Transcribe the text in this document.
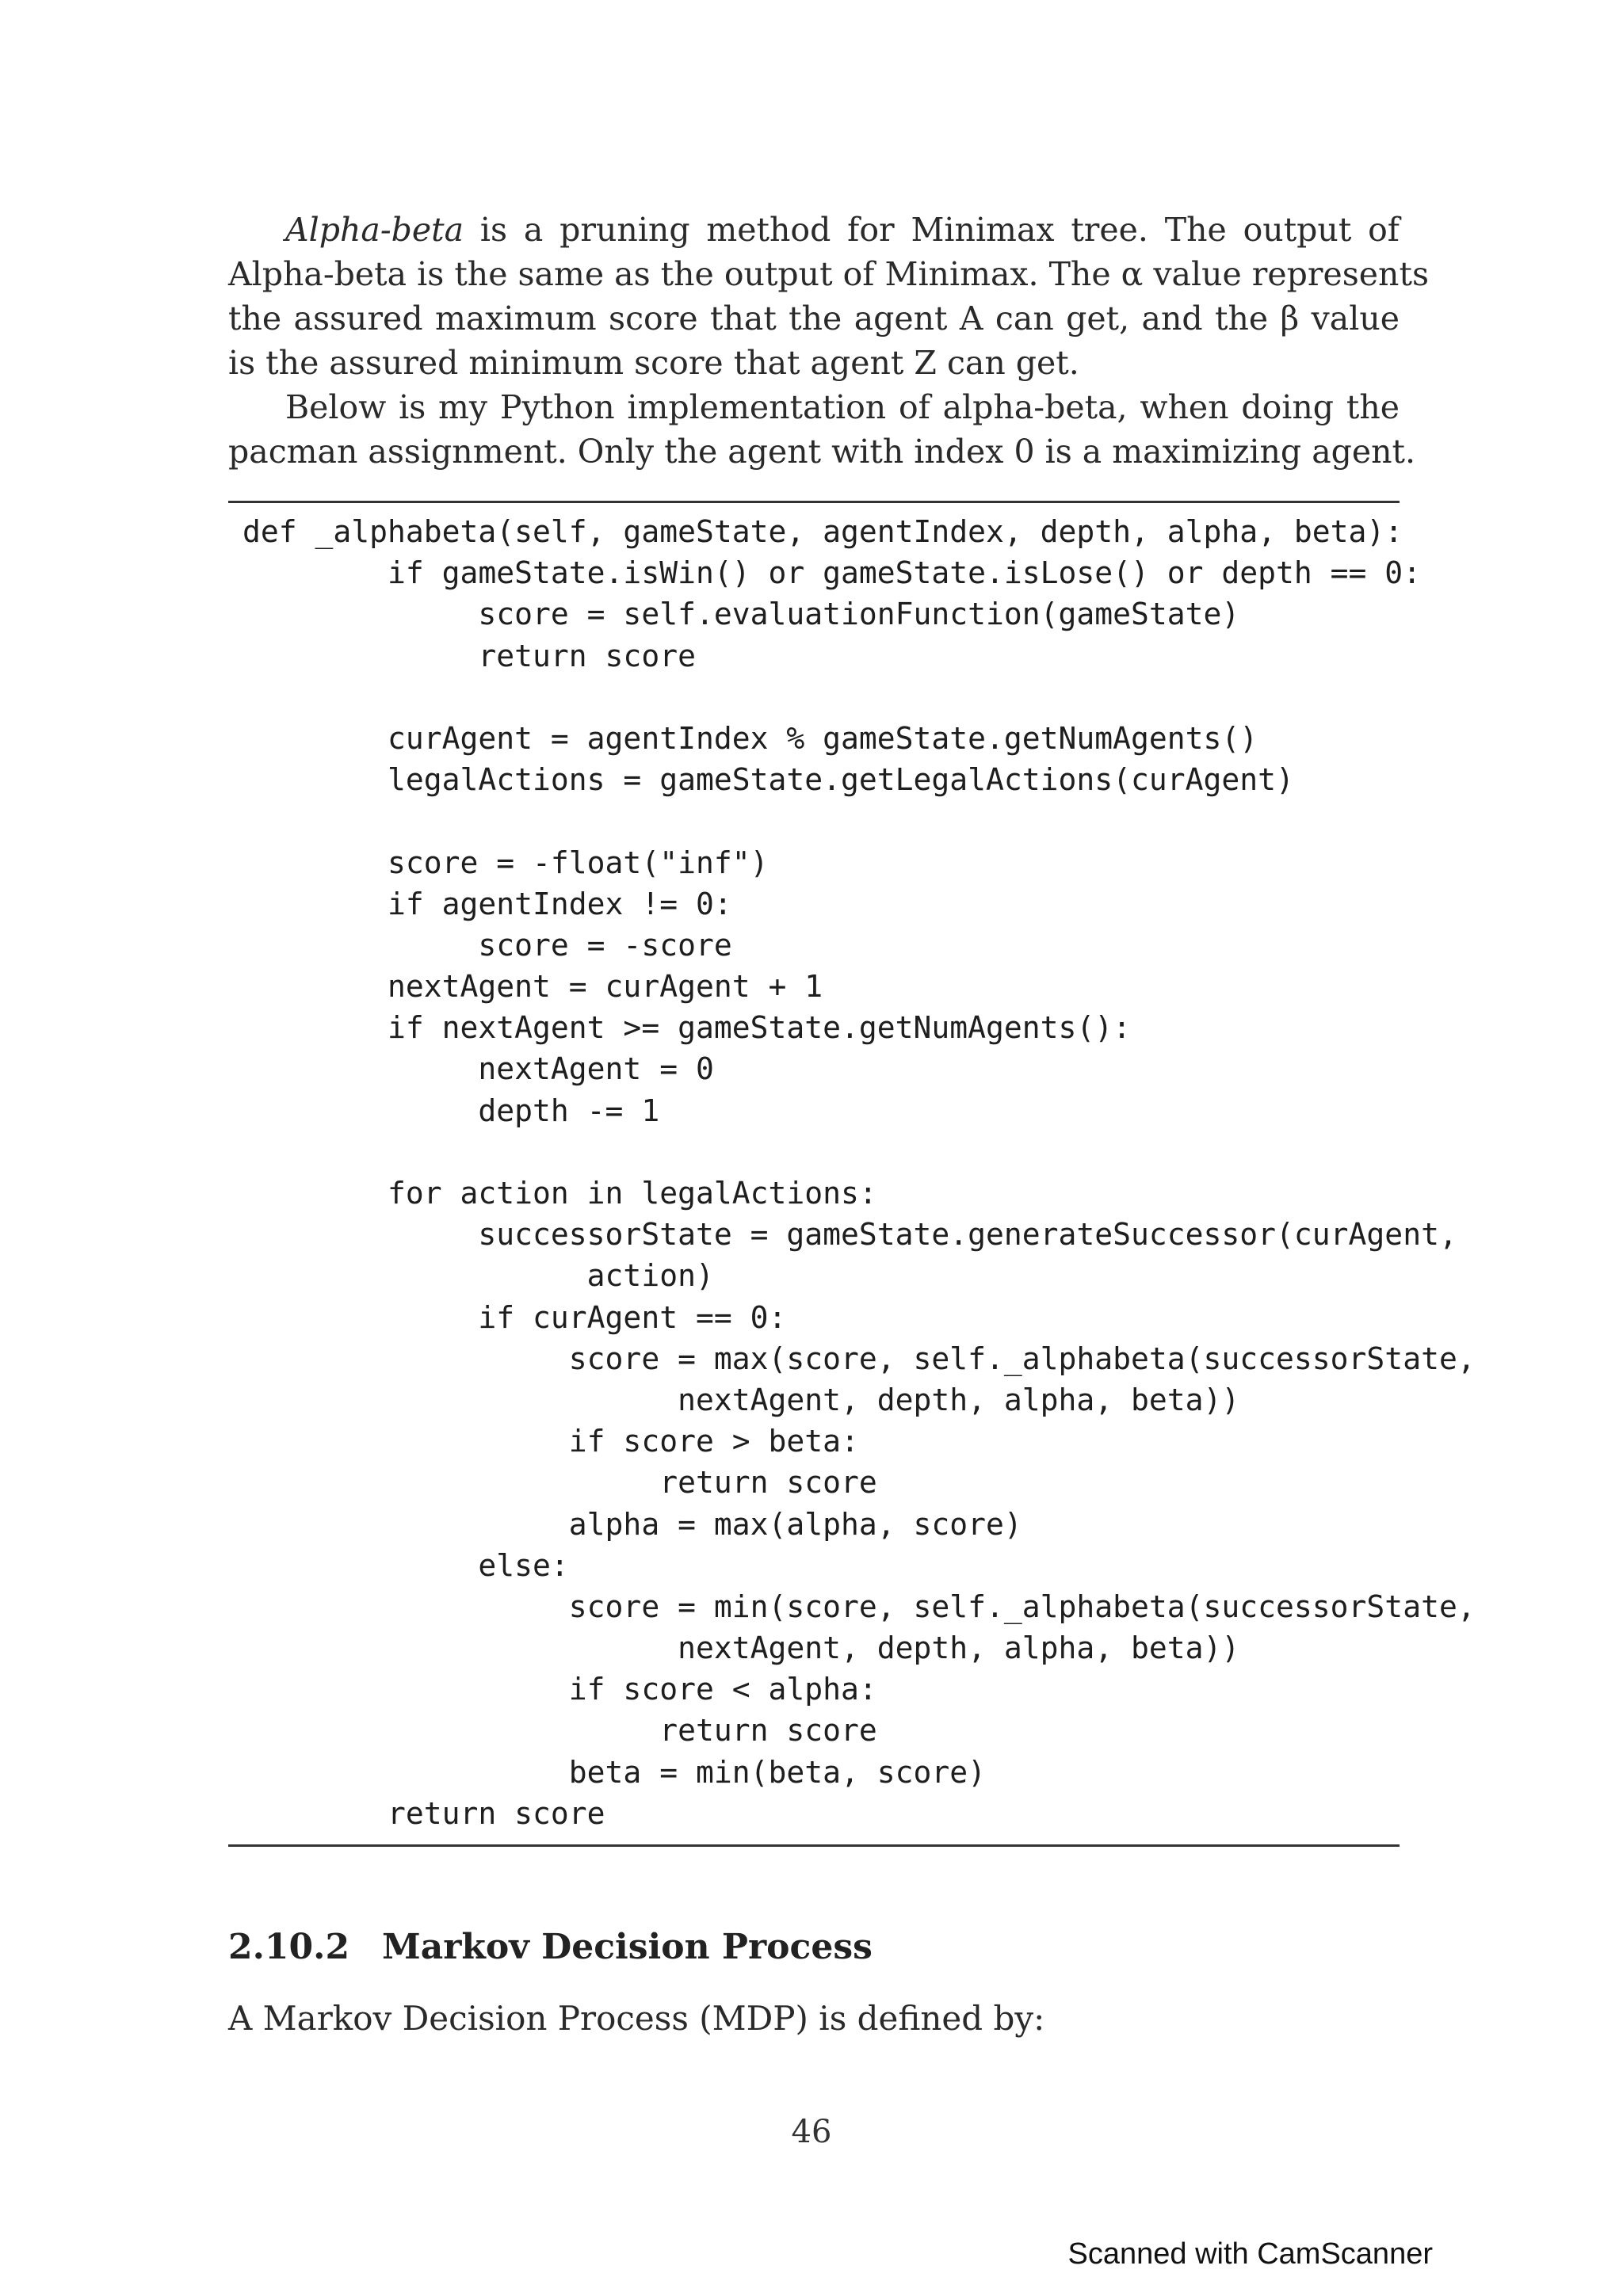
Alpha-beta is a pruning method for Minimax tree. The output of
Alpha-beta is the same as the output of Minimax. The α value represents
the assured maximum score that the agent A can get, and the β value
is the assured minimum score that agent Z can get.
Below is my Python implementation of alpha-beta, when doing the
pacman assignment. Only the agent with index 0 is a maximizing agent.
def _alphabeta(self, gameState, agentIndex, depth, alpha, beta):
if gameState.isWin() or gameState.isLose() or depth == 0:
score = self.evaluationFunction(gameState)
return score
curAgent = agentIndex % gameState.getNumAgents()
legalActions = gameState.getLegalActions(curAgent)
score = -float("inf")
if agentIndex != 0:
score = -score
nextAgent = curAgent + 1
if nextAgent >= gameState.getNumAgents():
nextAgent = 0
depth -= 1
for action in legalActions:
successorState = gameState.generateSuccessor(curAgent,
action)
if curAgent == 0:
score = max(score, self._alphabeta(successorState,
nextAgent, depth, alpha, beta))
if score > beta:
return score
alpha = max(alpha, score)
else:
score = min(score, self._alphabeta(successorState,
nextAgent, depth, alpha, beta))
if score < alpha:
return score
beta = min(beta, score)
return score
2.10.2 Markov Decision Process
A Markov Decision Process (MDP) is defined by:
46
Scanned with CamScanner
